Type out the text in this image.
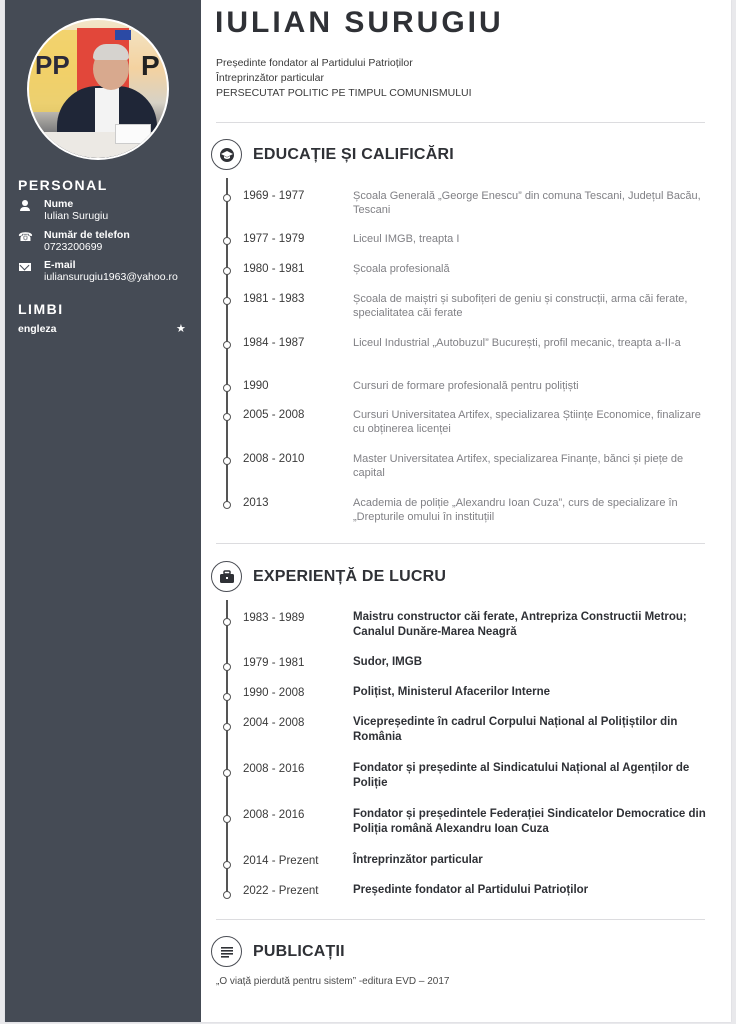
PP	P
PERSONAL
Nume
Iulian Surugiu
☎	Număr de telefon
0723200699
E-mail
iuliansurugiu1963@yahoo.ro
LIMBI
engleza	★
IULIAN SURUGIU
Președinte fondator al Partidului Patrioților
Întreprinzător particular
PERSECUTAT POLITIC PE TIMPUL COMUNISMULUI
EDUCAȚIE ȘI CALIFICĂRI
1969 - 1977	Școala Generală „George Enescu” din comuna Tescani, Județul Bacău, Tescani
1977 - 1979	Liceul IMGB, treapta I
1980 - 1981	Școala profesională
1981 - 1983	Școala de maiștri și subofițeri de geniu și construcții, arma căi ferate, specialitatea căi ferate
1984 - 1987	Liceul Industrial „Autobuzul” București, profil mecanic, treapta a-II-a
1990	Cursuri de formare profesională pentru polițiști
2005 - 2008	Cursuri Universitatea Artifex, specializarea Științe Economice, finalizare cu obținerea licenței
2008 - 2010	Master Universitatea Artifex, specializarea Finanțe, bănci și piețe de capital
2013	Academia de poliție „Alexandru Ioan Cuza”, curs de specializare în „Drepturile omului în instituțiil
EXPERIENȚĂ DE LUCRU
1983 - 1989	Maistru constructor căi ferate, Antrepriza Constructii Metrou; Canalul Dunăre-Marea Neagră
1979 - 1981	Sudor, IMGB
1990 - 2008	Polițist, Ministerul Afacerilor Interne
2004 - 2008	Vicepreședinte în cadrul Corpului Național al Polițiștilor din România
2008 - 2016	Fondator și președinte al Sindicatului Național al Agenților de Poliție
2008 - 2016	Fondator și președintele Federației Sindicatelor Democratice din Poliția română Alexandru Ioan Cuza
2014 - Prezent	Întreprinzător particular
2022 - Prezent	Președinte fondator al Partidului Patrioților
PUBLICAȚII
„O viață pierdută pentru sistem” -editura EVD – 2017
